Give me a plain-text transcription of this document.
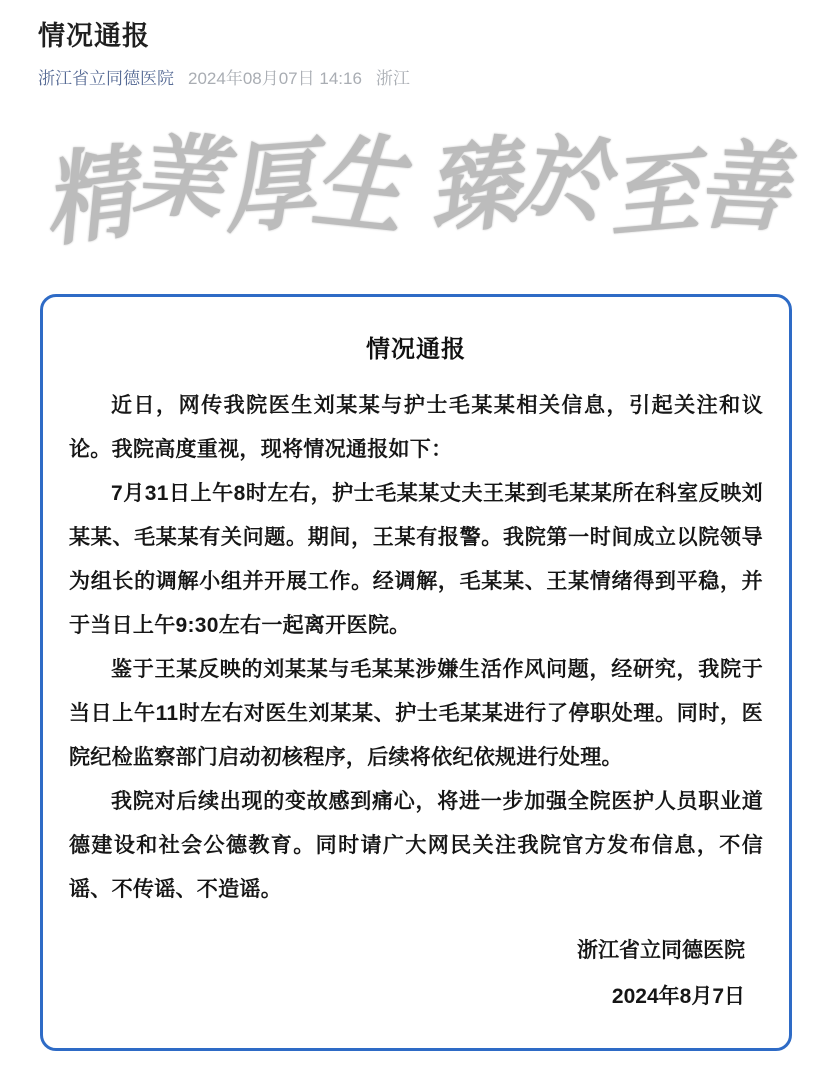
情况通报
浙江省立同德医院 2024年08月07日 14:16 浙江
精
業
厚
生 臻
於
至
善
情况通报

近日，网传我院医生刘某某与护士毛某某相关信息，引起关注和议论。我院高度重视，现将情况通报如下：

7月31日上午8时左右，护士毛某某丈夫王某到毛某某所在科室反映刘某某、毛某某有关问题。期间，王某有报警。我院第一时间成立以院领导为组长的调解小组并开展工作。经调解，毛某某、王某情绪得到平稳，并于当日上午9:30左右一起离开医院。

鉴于王某反映的刘某某与毛某某涉嫌生活作风问题，经研究，我院于当日上午11时左右对医生刘某某、护士毛某某进行了停职处理。同时，医院纪检监察部门启动初核程序，后续将依纪依规进行处理。

我院对后续出现的变故感到痛心，将进一步加强全院医护人员职业道德建设和社会公德教育。同时请广大网民关注我院官方发布信息，不信谣、不传谣、不造谣。

浙江省立同德医院
2024年8月7日
